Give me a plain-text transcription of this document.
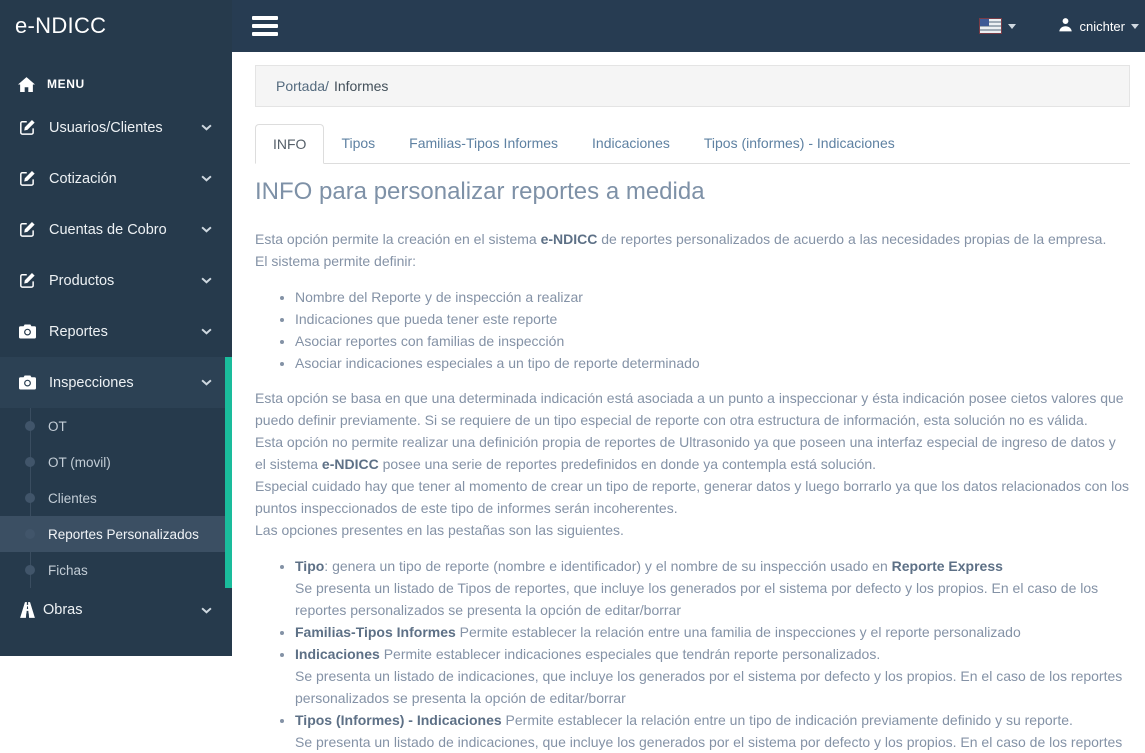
e-NDICC
MENU
Usuarios/Clientes
Cotización
Cuentas de Cobro
Productos
Reportes
Inspecciones
OT
OT (movil)
Clientes
Reportes Personalizados
Fichas
Obras
cnichter
Portada/ Informes
INFO	Tipos	Familias-Tipos Informes	Indicaciones	Tipos (informes) - Indicaciones
INFO para personalizar reportes a medida

Esta opción permite la creación en el sistema e-NDICC de reportes personalizados de acuerdo a las necesidades propias de la empresa.
El sistema permite definir:

• Nombre del Reporte y de inspección a realizar
• Indicaciones que pueda tener este reporte
• Asociar reportes con familias de inspección
• Asociar indicaciones especiales a un tipo de reporte determinado

Esta opción se basa en que una determinada indicación está asociada a un punto a inspeccionar y ésta indicación posee cietos valores que puedo definir previamente. Si se requiere de un tipo especial de reporte con otra estructura de información, esta solución no es válida.
Esta opción no permite realizar una definición propia de reportes de Ultrasonido ya que poseen una interfaz especial de ingreso de datos y el sistema e-NDICC posee una serie de reportes predefinidos en donde ya contempla está solución.
Especial cuidado hay que tener al momento de crear un tipo de reporte, generar datos y luego borrarlo ya que los datos relacionados con los puntos inspeccionados de este tipo de informes serán incoherentes.
Las opciones presentes en las pestañas son las siguientes.

• Tipo: genera un tipo de reporte (nombre e identificador) y el nombre de su inspección usado en Reporte Express
Se presenta un listado de Tipos de reportes, que incluye los generados por el sistema por defecto y los propios. En el caso de los reportes personalizados se presenta la opción de editar/borrar
• Familias-Tipos Informes Permite establecer la relación entre una familia de inspecciones y el reporte personalizado
• Indicaciones Permite establecer indicaciones especiales que tendrán reporte personalizados.
Se presenta un listado de indicaciones, que incluye los generados por el sistema por defecto y los propios. En el caso de los reportes personalizados se presenta la opción de editar/borrar
• Tipos (Informes) - Indicaciones Permite establecer la relación entre un tipo de indicación previamente definido y su reporte.
Se presenta un listado de indicaciones, que incluye los generados por el sistema por defecto y los propios. En el caso de los reportes
